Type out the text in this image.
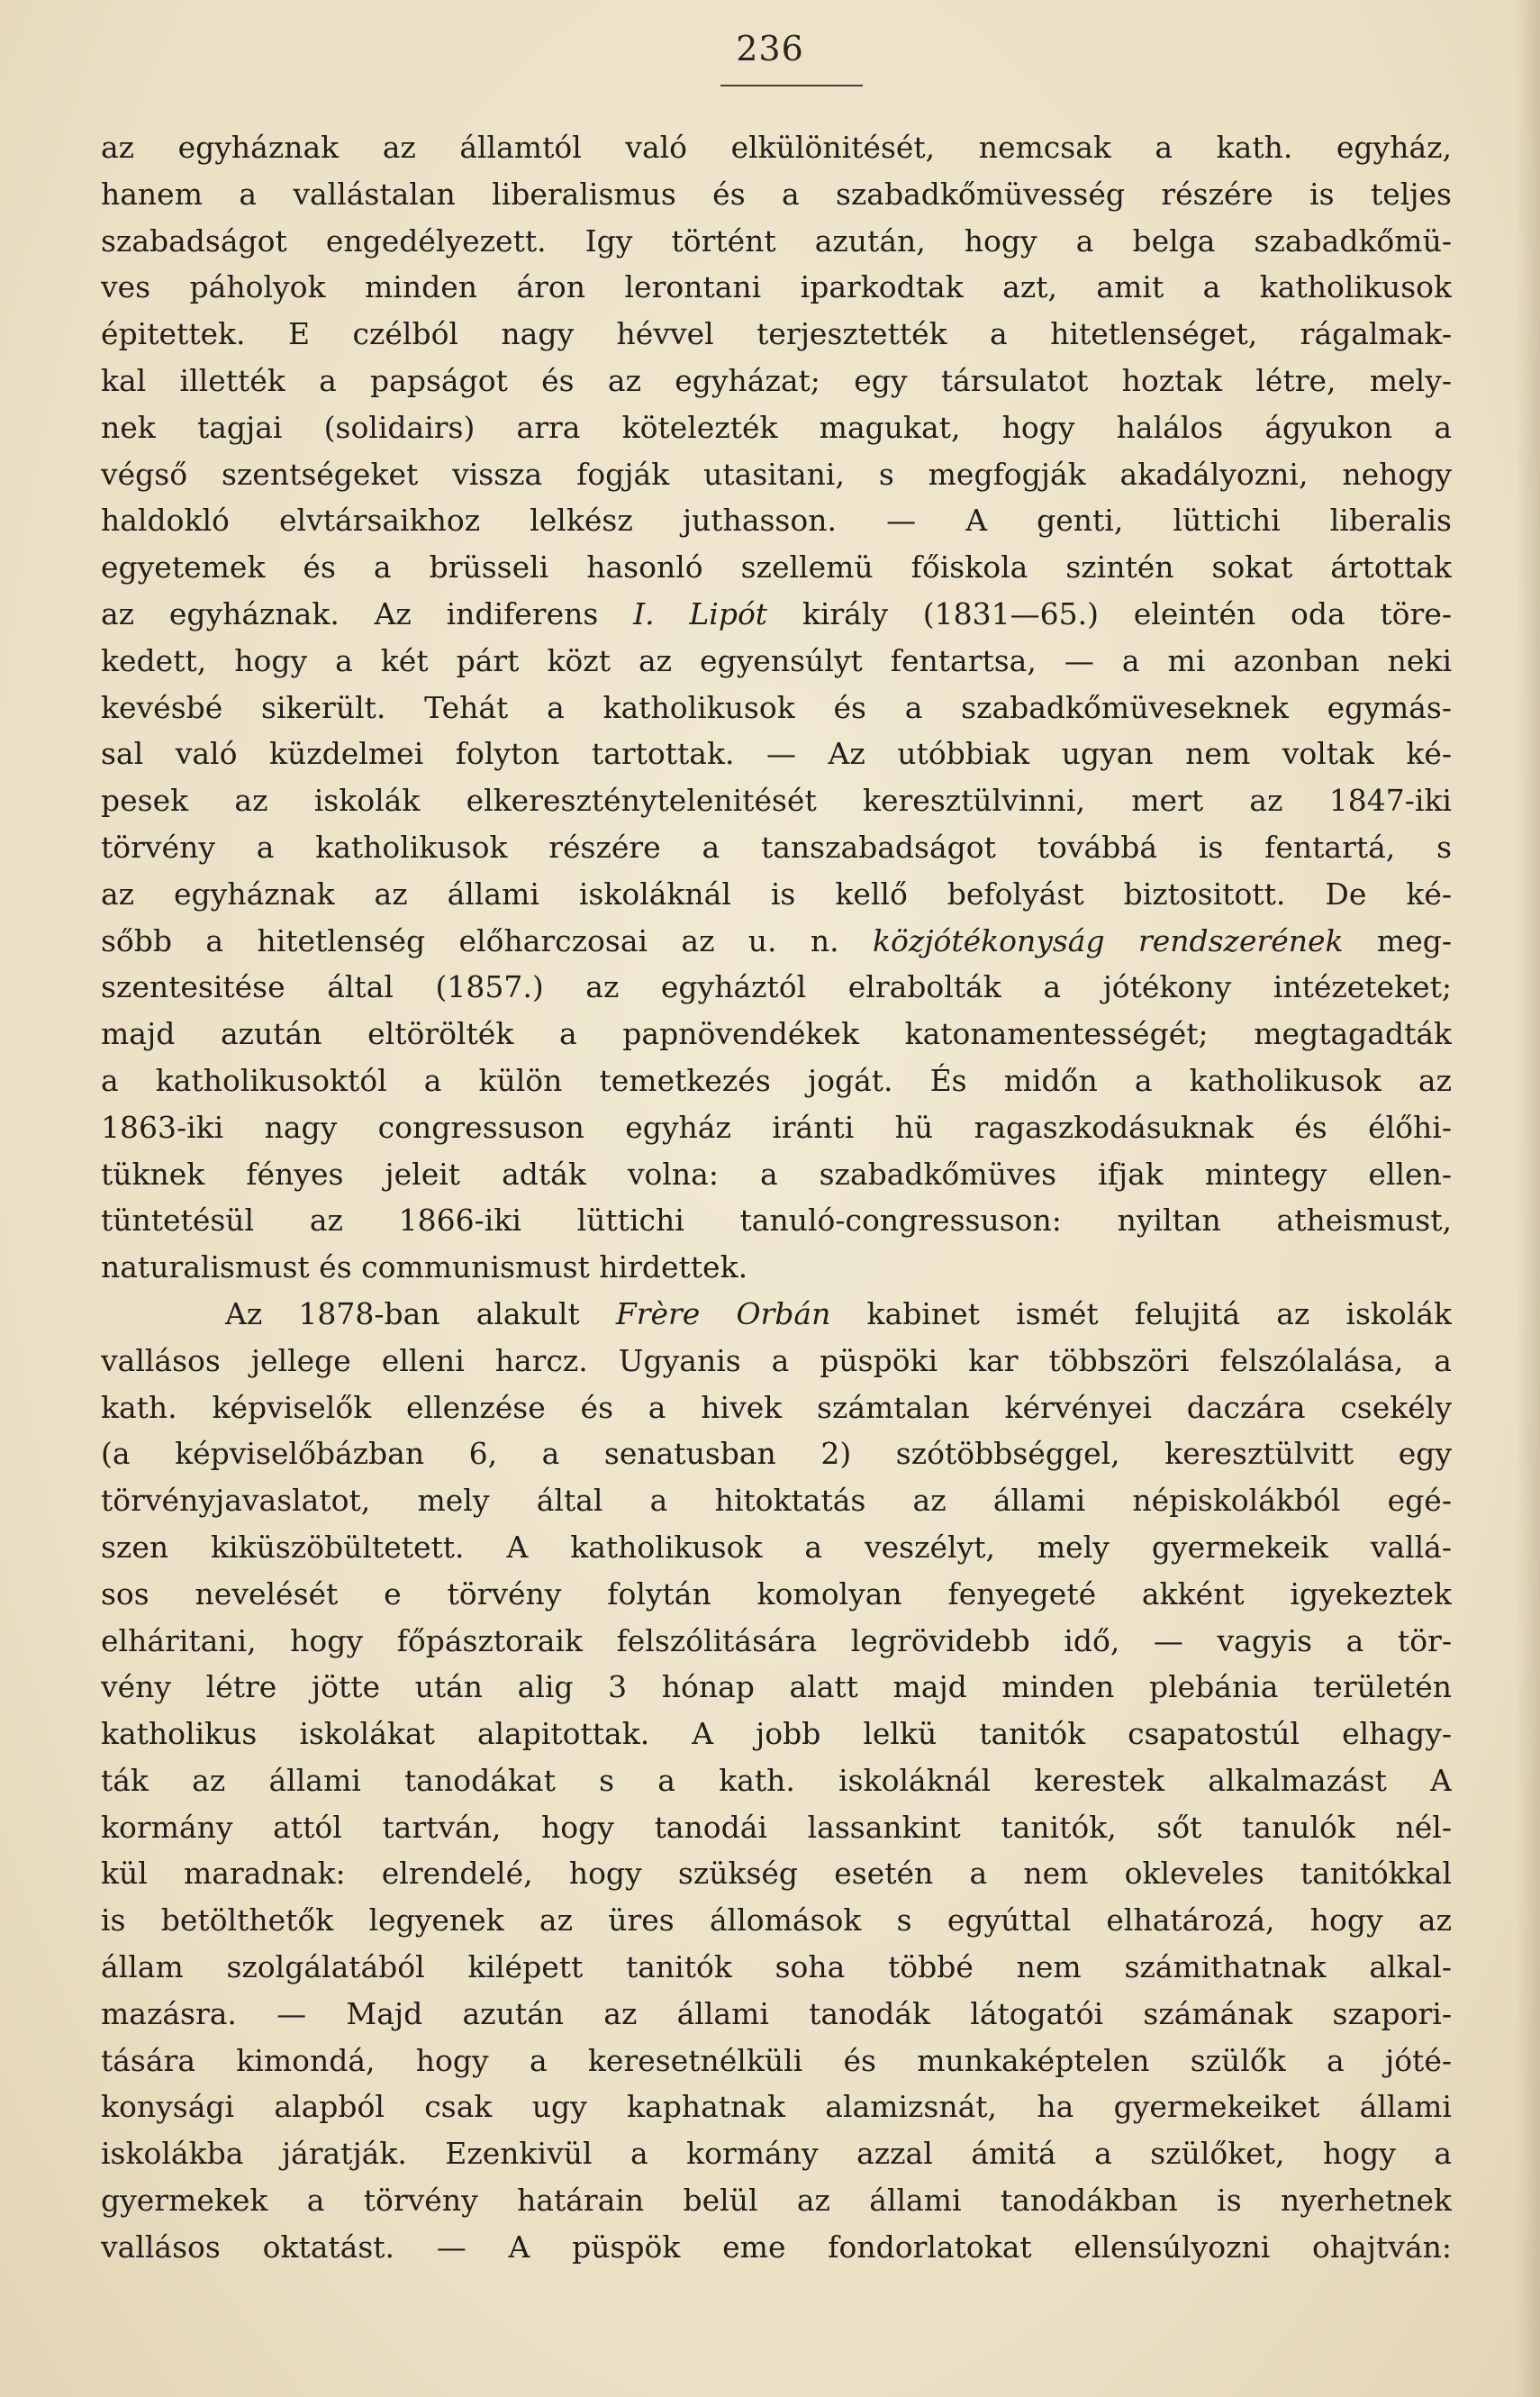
236
az egyháznak az államtól való elkülönitését, nemcsak a kath. egyház,
hanem a vallástalan liberalismus és a szabadkőmüvesség részére is teljes
szabadságot engedélyezett. Igy történt azután, hogy a belga szabadkőmü-
ves páholyok minden áron lerontani iparkodtak azt, amit a katholikusok
épitettek. E czélból nagy hévvel terjesztették a hitetlenséget, rágalmak-
kal illették a papságot és az egyházat; egy társulatot hoztak létre, mely-
nek tagjai (solidairs) arra kötelezték magukat, hogy halálos ágyukon a
végső szentségeket vissza fogják utasitani, s megfogják akadályozni, nehogy
haldokló elvtársaikhoz lelkész juthasson. — A genti, lüttichi liberalis
egyetemek és a brüsseli hasonló szellemü főiskola szintén sokat ártottak
az egyháznak. Az indiferens I. Lipót király (1831—65.) eleintén oda töre-
kedett, hogy a két párt közt az egyensúlyt fentartsa, — a mi azonban neki
kevésbé sikerült. Tehát a katholikusok és a szabadkőmüveseknek egymás-
sal való küzdelmei folyton tartottak. — Az utóbbiak ugyan nem voltak ké-
pesek az iskolák elkereszténytelenitését keresztülvinni, mert az 1847-iki
törvény a katholikusok részére a tanszabadságot továbbá is fentartá, s
az egyháznak az állami iskoláknál is kellő befolyást biztositott. De ké-
sőbb a hitetlenség előharczosai az u. n. közjótékonyság rendszerének meg-
szentesitése által (1857.) az egyháztól elrabolták a jótékony intézeteket;
majd azután eltörölték a papnövendékek katonamentességét; megtagadták
a katholikusoktól a külön temetkezés jogát. És midőn a katholikusok az
1863-iki nagy congressuson egyház iránti hü ragaszkodásuknak és élőhi-
tüknek fényes jeleit adták volna: a szabadkőmüves ifjak mintegy ellen-
tüntetésül az 1866-iki lüttichi tanuló-congressuson: nyiltan atheismust,
naturalismust és communismust hirdettek.
Az 1878-ban alakult Frère Orbán kabinet ismét felujitá az iskolák
vallásos jellege elleni harcz. Ugyanis a püspöki kar többszöri felszólalása, a
kath. képviselők ellenzése és a hivek számtalan kérvényei daczára csekély
(a képviselőbázban 6, a senatusban 2) szótöbbséggel, keresztülvitt egy
törvényjavaslatot, mely által a hitoktatás az állami népiskolákból egé-
szen kiküszöbültetett. A katholikusok a veszélyt, mely gyermekeik vallá-
sos nevelését e törvény folytán komolyan fenyegeté akként igyekeztek
elháritani, hogy főpásztoraik felszólitására legrövidebb idő, — vagyis a tör-
vény létre jötte után alig 3 hónap alatt majd minden plebánia területén
katholikus iskolákat alapitottak. A jobb lelkü tanitók csapatostúl elhagy-
ták az állami tanodákat s a kath. iskoláknál kerestek alkalmazást A
kormány attól tartván, hogy tanodái lassankint tanitók, sőt tanulók nél-
kül maradnak: elrendelé, hogy szükség esetén a nem okleveles tanitókkal
is betölthetők legyenek az üres állomások s egyúttal elhatározá, hogy az
állam szolgálatából kilépett tanitók soha többé nem számithatnak alkal-
mazásra. — Majd azután az állami tanodák látogatói számának szapori-
tására kimondá, hogy a keresetnélküli és munkaképtelen szülők a jóté-
konysági alapból csak ugy kaphatnak alamizsnát, ha gyermekeiket állami
iskolákba járatják. Ezenkivül a kormány azzal ámitá a szülőket, hogy a
gyermekek a törvény határain belül az állami tanodákban is nyerhetnek
vallásos oktatást. — A püspök eme fondorlatokat ellensúlyozni ohajtván:
